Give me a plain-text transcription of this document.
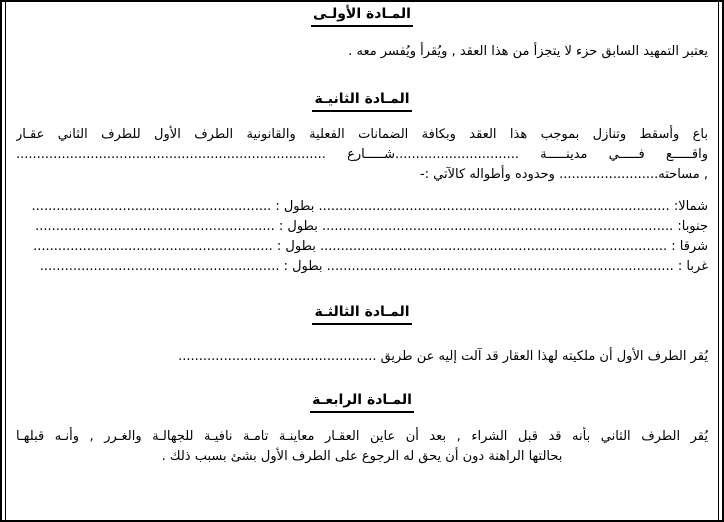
المـادة الأولـى
يعتبر التمهيد السابق حزء لا يتجزأ من هذا العقد , ويُقرأ ويُفسر معه .
المـادة الثانيـة
باع وأسقط وتنازل بموجب هذا العقد وبكافة الضمانات الفعلية والقانونية الطرف الأول للطرف الثاني عقـار
واقـــــع فـــــي مدينـــــة ..............................شـــــارع ...........................................................................
, مساحته........................ وحدوده وأطواله كالآتي :-
شمالا: ..................................................................................... بطول : ..........................................................
جنوبا: ..................................................................................... بطول : ..........................................................
شرقا : .................................................................................... بطول : ..........................................................
غربا : .................................................................................... بطول : ..........................................................
المـادة الثالثـة
يُقر الطرف الأول أن ملكيته لهذا العقار قد آلت إليه عن طريق ................................................
المـادة الرابعـة
يُقر الطرف الثاني بأنه قد قبل الشراء , بعد أن عاين العقـار معاينـة تامـة نافيـة للجهالـة والغـرر , وأنـه قبلهـا
بحالتها الراهنة دون أن يحق له الرجوع على الطرف الأول بشئ بسبب ذلك .
